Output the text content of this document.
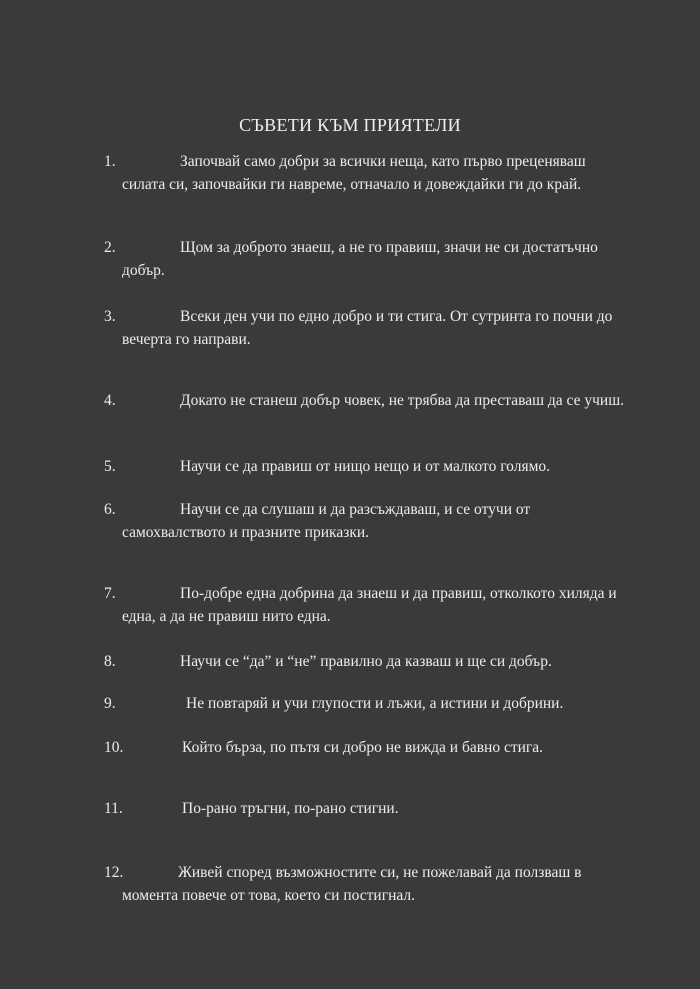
СЪВЕТИ КЪМ ПРИЯТЕЛИ
1.	Започвай само добри за всички неща, като първо преценяваш силата си, започвайки ги навреме, отначало и довеждайки ги до край.
2.	Щом за доброто знаеш, а не го правиш, значи не си достатъчно добър.
3.	Всеки ден учи по едно добро и ти стига. От сутринта го почни до вечерта го направи.
4.	Докато не станеш добър човек, не трябва да преставаш да се учиш.
5.	Научи се да правиш от нищо нещо и от малкото голямо.
6.	Научи се да слушаш и да разсъждаваш, и се отучи от самохвалството и празните приказки.
7.	По-добре една добрина да знаеш и да правиш, отколкото хиляда и една, а да не правиш нито една.
8.	Научи се “да” и “не” правилно да казваш и ще си добър.
9.	Не повтаряй и учи глупости и лъжи, а истини и добрини.
10.	Който бърза, по пътя си добро не вижда и бавно стига.
11.	По-рано тръгни, по-рано стигни.
12.	Живей според възможностите си, не пожелавай да ползваш в момента повече от това, което си постигнал.
